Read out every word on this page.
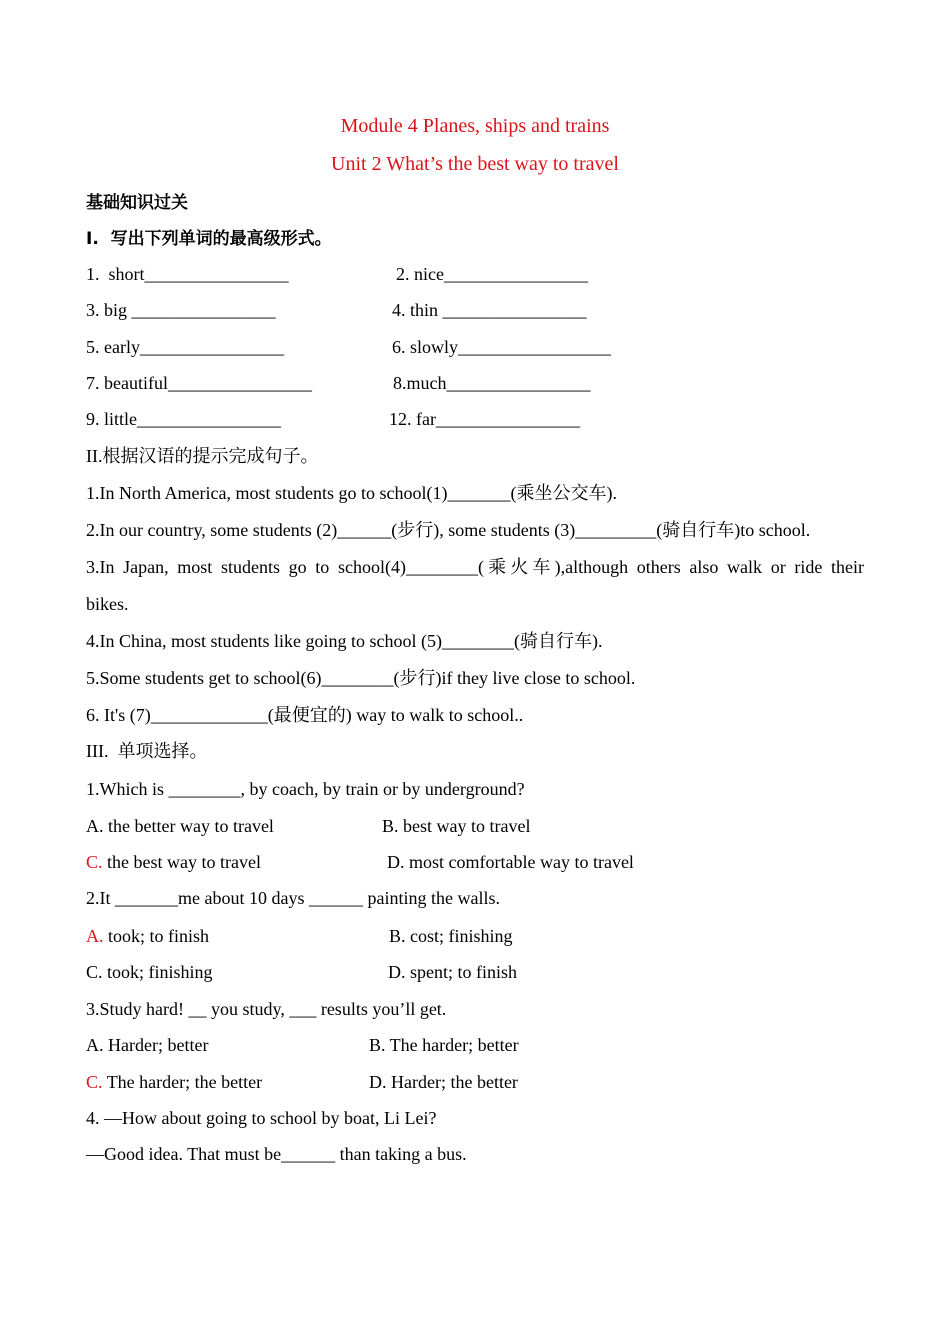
Module 4 Planes, ships and trains
Unit 2 What’s the best way to travel
基础知识过关
I.  写出下列单词的最高级形式。
1.  short________________	2. nice________________
3. big ________________	4. thin ________________
5. early________________	6. slowly_________________
7. beautiful________________	8.much________________
9. little________________	12. far________________
II.根据汉语的提示完成句子。
1.In North America, most students go to school(1)_______(乘坐公交车).
2.In our country, some students (2)______(步行), some students (3)_________(骑自行车)to school.
3.In Japan, most students go to school(4)________(乘火车),although others also walk or ride their
bikes.
4.In China, most students like going to school (5)________(骑自行车).
5.Some students get to school(6)________(步行)if they live close to school.
6. It's (7)_____________(最便宜的) way to walk to school..
III.  单项选择。
1.Which is ________, by coach, by train or by underground?
A. the better way to travel	B. best way to travel
C. the best way to travel	D. most comfortable way to travel
2.It _______me about 10 days ______ painting the walls.
A. took; to finish	B. cost; finishing
C. took; finishing	D. spent; to finish
3.Study hard! __ you study, ___ results you’ll get.
A. Harder; better	B. The harder; better
C. The harder; the better	D. Harder; the better
4. —How about going to school by boat, Li Lei?
—Good idea. That must be______ than taking a bus.
